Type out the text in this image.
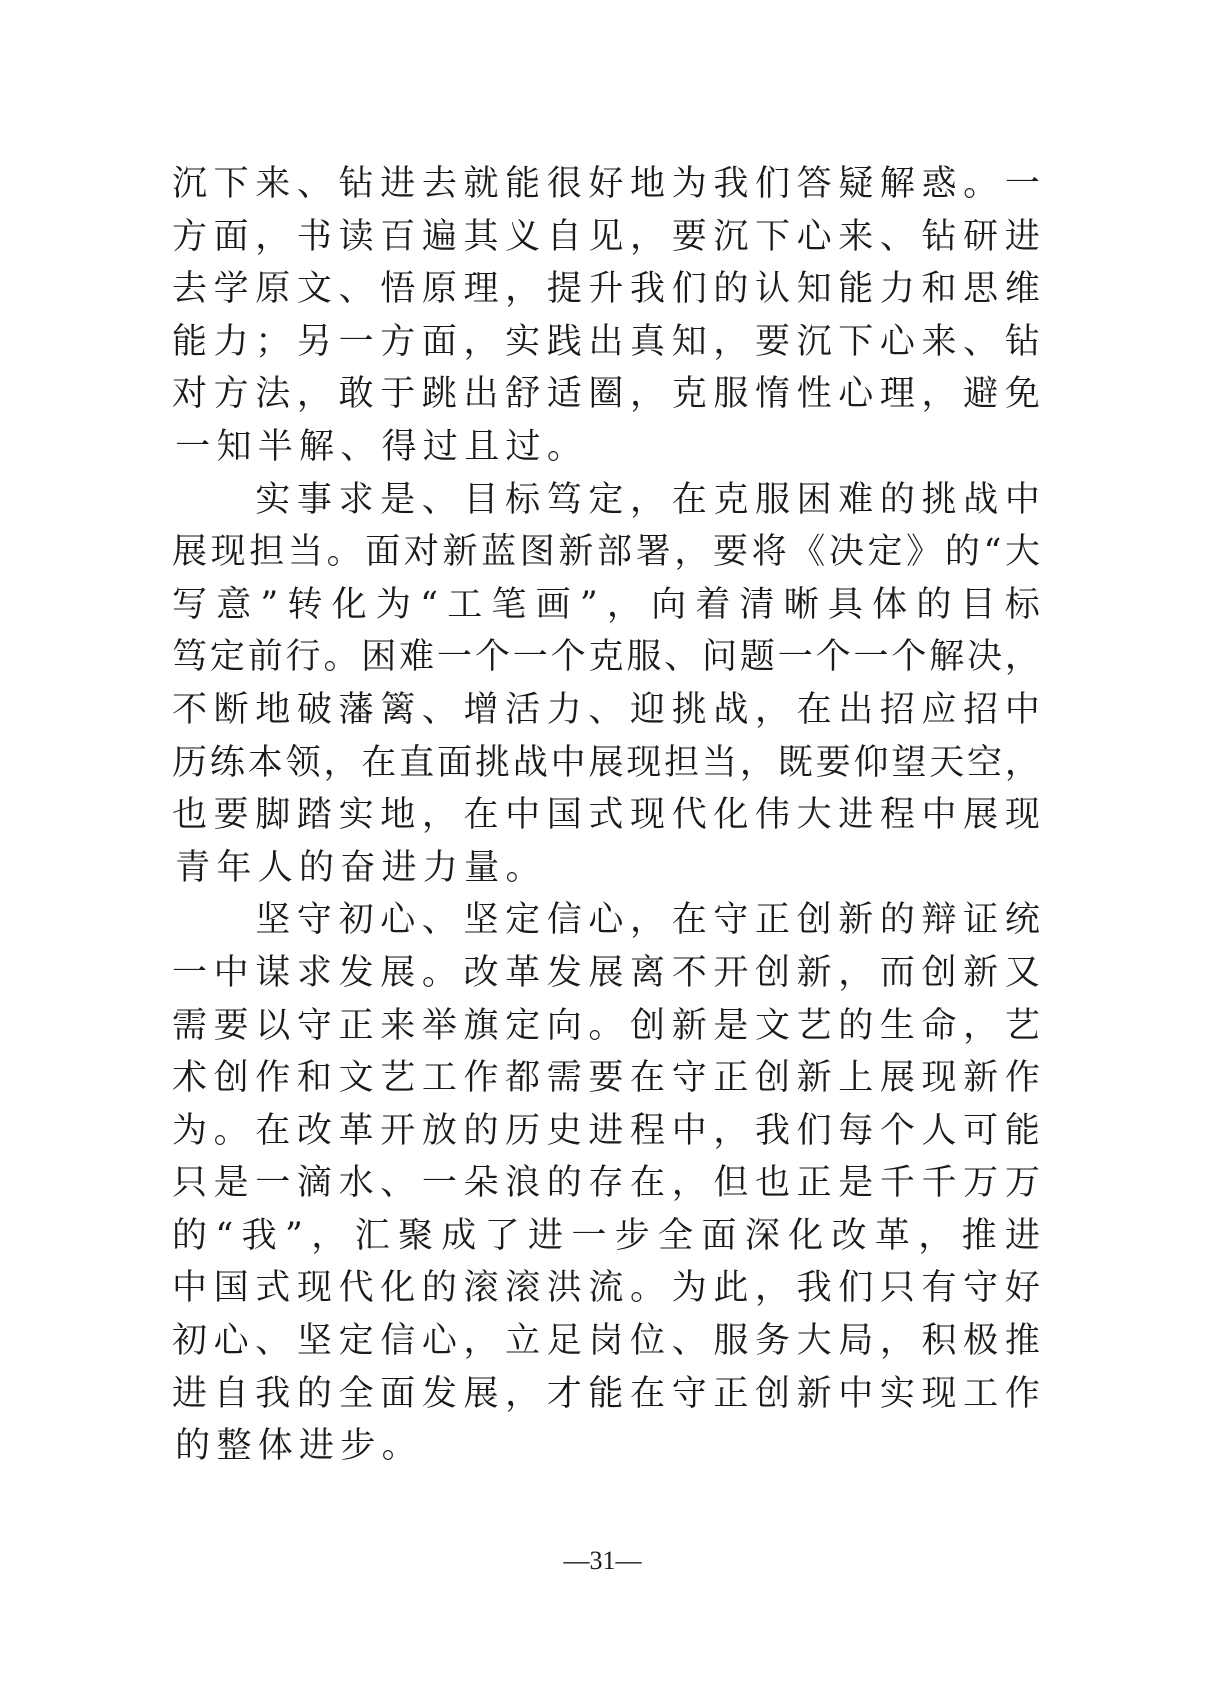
沉 下 来 、 钻 进 去 就 能 很 好 地 为 我 们 答 疑 解 惑 。 一
方 面 ， 书 读 百 遍 其 义 自 见 ， 要 沉 下 心 来 、 钻 研 进
去 学 原 文 、 悟 原 理 ， 提 升 我 们 的 认 知 能 力 和 思 维
能 力 ； 另 一 方 面 ， 实 践 出 真 知 ， 要 沉 下 心 来 、 钻
对 方 法 ， 敢 于 跳 出 舒 适 圈 ， 克 服 惰 性 心 理 ， 避 免
一 知 半 解 、 得 过 且 过 。

实 事 求 是 、 目 标 笃 定 ， 在 克 服 困 难 的 挑 战 中
展 现 担 当 。 面 对 新 蓝 图 新 部 署 ， 要 将 《 决 定 》 的 “ 大
写 意 ” 转 化 为 “ 工 笔 画 ” ， 向 着 清 晰 具 体 的 目 标
笃 定 前 行 。 困 难 一 个 一 个 克 服 、 问 题 一 个 一 个 解 决 ，
不 断 地 破 藩 篱 、 增 活 力 、 迎 挑 战 ， 在 出 招 应 招 中
历 练 本 领 ， 在 直 面 挑 战 中 展 现 担 当 ， 既 要 仰 望 天 空 ，
也 要 脚 踏 实 地 ， 在 中 国 式 现 代 化 伟 大 进 程 中 展 现
青 年 人 的 奋 进 力 量 。

坚 守 初 心 、 坚 定 信 心 ， 在 守 正 创 新 的 辩 证 统
一 中 谋 求 发 展 。 改 革 发 展 离 不 开 创 新 ， 而 创 新 又
需 要 以 守 正 来 举 旗 定 向 。 创 新 是 文 艺 的 生 命 ， 艺
术 创 作 和 文 艺 工 作 都 需 要 在 守 正 创 新 上 展 现 新 作
为 。 在 改 革 开 放 的 历 史 进 程 中 ， 我 们 每 个 人 可 能
只 是 一 滴 水 、 一 朵 浪 的 存 在 ， 但 也 正 是 千 千 万 万
的 “ 我 ” ， 汇 聚 成 了 进 一 步 全 面 深 化 改 革 ， 推 进
中 国 式 现 代 化 的 滚 滚 洪 流 。 为 此 ， 我 们 只 有 守 好
初 心 、 坚 定 信 心 ， 立 足 岗 位 、 服 务 大 局 ， 积 极 推
进 自 我 的 全 面 发 展 ， 才 能 在 守 正 创 新 中 实 现 工 作
的 整 体 进 步 。
—31—
